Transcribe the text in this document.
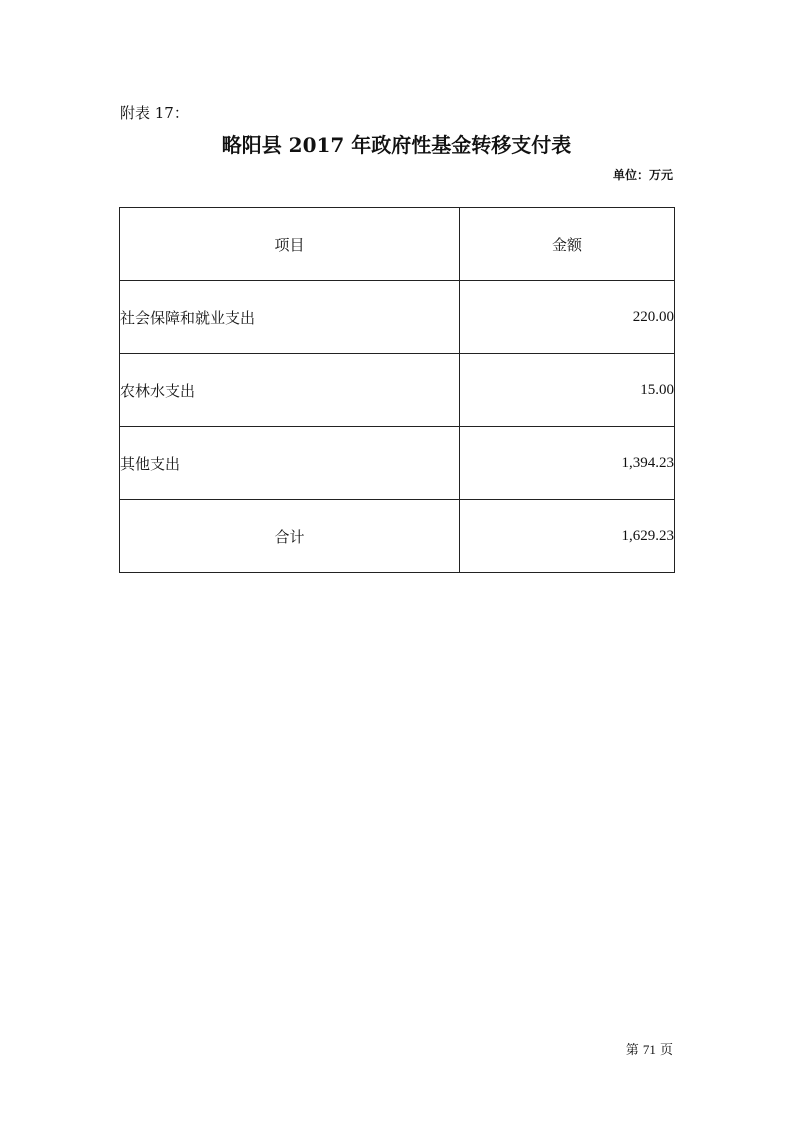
附表 17：
略阳县 2017 年政府性基金转移支付表
单位：万元
项目	金额
社会保障和就业支出	220.00
农林水支出	15.00
其他支出	1,394.23
合计	1,629.23
第 71 页
